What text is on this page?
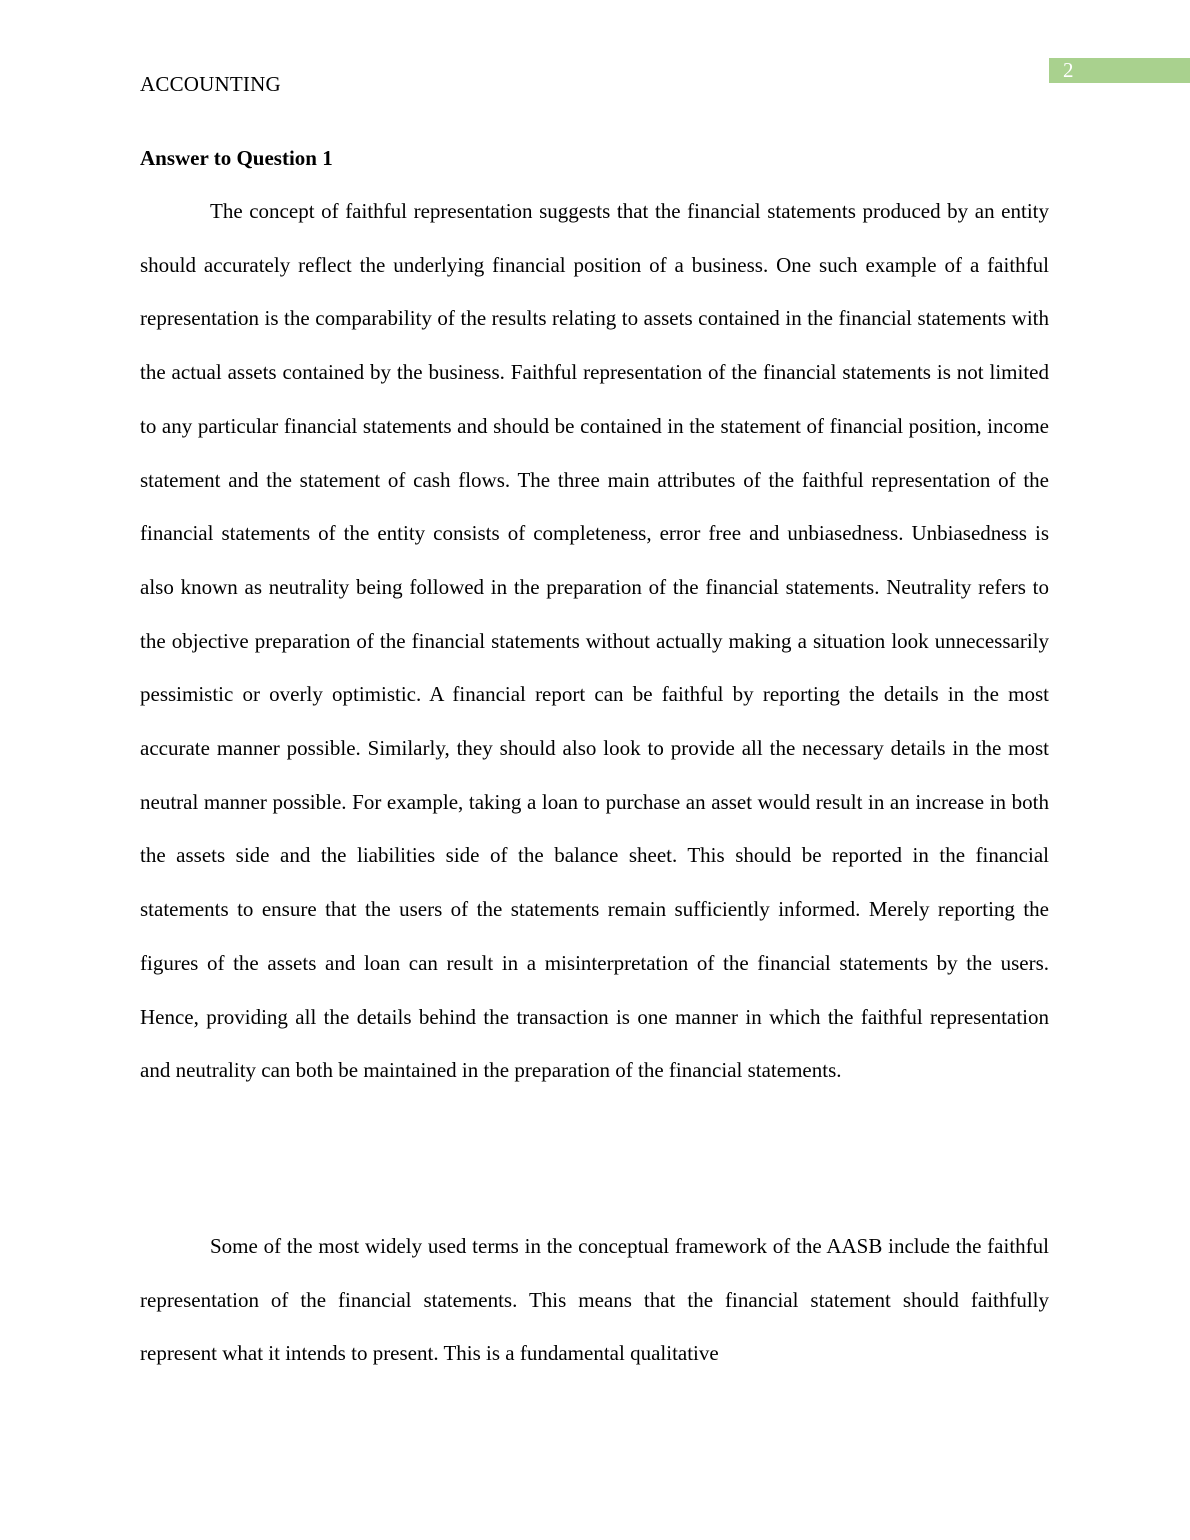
2
ACCOUNTING
Answer to Question 1

The concept of faithful representation suggests that the financial statements produced by an entity should accurately reflect the underlying financial position of a business. One such example of a faithful representation is the comparability of the results relating to assets contained in the financial statements with the actual assets contained by the business. Faithful representation of the financial statements is not limited to any particular financial statements and should be contained in the statement of financial position, income statement and the statement of cash flows. The three main attributes of the faithful representation of the financial statements of the entity consists of completeness, error free and unbiasedness. Unbiasedness is also known as neutrality being followed in the preparation of the financial statements. Neutrality refers to the objective preparation of the financial statements without actually making a situation look unnecessarily pessimistic or overly optimistic. A financial report can be faithful by reporting the details in the most accurate manner possible. Similarly, they should also look to provide all the necessary details in the most neutral manner possible. For example, taking a loan to purchase an asset would result in an increase in both the assets side and the liabilities side of the balance sheet. This should be reported in the financial statements to ensure that the users of the statements remain sufficiently informed. Merely reporting the figures of the assets and loan can result in a misinterpretation of the financial statements by the users. Hence, providing all the details behind the transaction is one manner in which the faithful representation and neutrality can both be maintained in the preparation of the financial statements.

Some of the most widely used terms in the conceptual framework of the AASB include the faithful representation of the financial statements. This means that the financial statement should faithfully represent what it intends to present. This is a fundamental qualitative
